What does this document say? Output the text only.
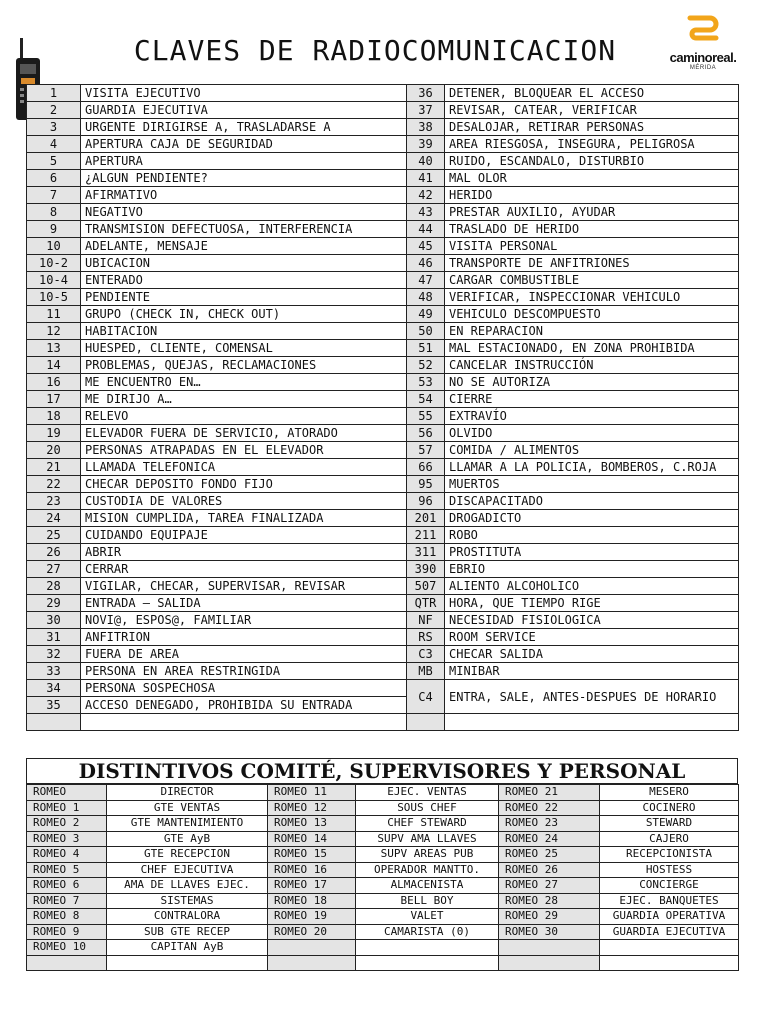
CLAVES DE RADIOCOMUNICACION	caminoreal.
MÉRIDA
1	VISITA EJECUTIVO	36	DETENER, BLOQUEAR EL ACCESO
2	GUARDIA EJECUTIVA	37	REVISAR, CATEAR, VERIFICAR
3	URGENTE DIRIGIRSE A, TRASLADARSE A	38	DESALOJAR, RETIRAR PERSONAS
4	APERTURA CAJA DE SEGURIDAD	39	AREA RIESGOSA, INSEGURA, PELIGROSA
5	APERTURA	40	RUIDO, ESCANDALO, DISTURBIO
6	¿ALGUN PENDIENTE?	41	MAL OLOR
7	AFIRMATIVO	42	HERIDO
8	NEGATIVO	43	PRESTAR AUXILIO, AYUDAR
9	TRANSMISION DEFECTUOSA, INTERFERENCIA	44	TRASLADO DE HERIDO
10	ADELANTE, MENSAJE	45	VISITA PERSONAL
10-2	UBICACION	46	TRANSPORTE DE ANFITRIONES
10-4	ENTERADO	47	CARGAR COMBUSTIBLE
10-5	PENDIENTE	48	VERIFICAR, INSPECCIONAR VEHICULO
11	GRUPO (CHECK IN, CHECK OUT)	49	VEHICULO DESCOMPUESTO
12	HABITACION	50	EN REPARACION
13	HUESPED, CLIENTE, COMENSAL	51	MAL ESTACIONADO, EN ZONA PROHIBIDA
14	PROBLEMAS, QUEJAS, RECLAMACIONES	52	CANCELAR INSTRUCCIÓN
16	ME ENCUENTRO EN…	53	NO SE AUTORIZA
17	ME DIRIJO A…	54	CIERRE
18	RELEVO	55	EXTRAVÍO
19	ELEVADOR FUERA DE SERVICIO, ATORADO	56	OLVIDO
20	PERSONAS ATRAPADAS EN EL ELEVADOR	57	COMIDA / ALIMENTOS
21	LLAMADA TELEFONICA	66	LLAMAR A LA POLICIA, BOMBEROS, C.ROJA
22	CHECAR DEPOSITO FONDO FIJO	95	MUERTOS
23	CUSTODIA DE VALORES	96	DISCAPACITADO
24	MISION CUMPLIDA, TAREA FINALIZADA	201	DROGADICTO
25	CUIDANDO EQUIPAJE	211	ROBO
26	ABRIR	311	PROSTITUTA
27	CERRAR	390	EBRIO
28	VIGILAR, CHECAR, SUPERVISAR, REVISAR	507	ALIENTO ALCOHOLICO
29	ENTRADA – SALIDA	QTR	HORA, QUE TIEMPO RIGE
30	NOVI@, ESPOS@, FAMILIAR	NF	NECESIDAD FISIOLOGICA
31	ANFITRION	RS	ROOM SERVICE
32	FUERA DE AREA	C3	CHECAR SALIDA
33	PERSONA EN AREA RESTRINGIDA	MB	MINIBAR
34	PERSONA SOSPECHOSA	C4	ENTRA, SALE, ANTES-DESPUES DE HORARIO
35	ACCESO DENEGADO, PROHIBIDA SU ENTRADA		

DISTINTIVOS COMITÉ, SUPERVISORES Y PERSONAL
ROMEO	DIRECTOR	ROMEO 11	EJEC. VENTAS	ROMEO 21	MESERO
ROMEO 1	GTE VENTAS	ROMEO 12	SOUS CHEF	ROMEO 22	COCINERO
ROMEO 2	GTE MANTENIMIENTO	ROMEO 13	CHEF STEWARD	ROMEO 23	STEWARD
ROMEO 3	GTE AyB	ROMEO 14	SUPV AMA LLAVES	ROMEO 24	CAJERO
ROMEO 4	GTE RECEPCION	ROMEO 15	SUPV AREAS PUB	ROMEO 25	RECEPCIONISTA
ROMEO 5	CHEF EJECUTIVA	ROMEO 16	OPERADOR MANTTO.	ROMEO 26	HOSTESS
ROMEO 6	AMA DE LLAVES EJEC.	ROMEO 17	ALMACENISTA	ROMEO 27	CONCIERGE
ROMEO 7	SISTEMAS	ROMEO 18	BELL BOY	ROMEO 28	EJEC. BANQUETES
ROMEO 8	CONTRALORA	ROMEO 19	VALET	ROMEO 29	GUARDIA OPERATIVA
ROMEO 9	SUB GTE RECEP	ROMEO 20	CAMARISTA (0)	ROMEO 30	GUARDIA EJECUTIVA
ROMEO 10	CAPITAN AyB				
